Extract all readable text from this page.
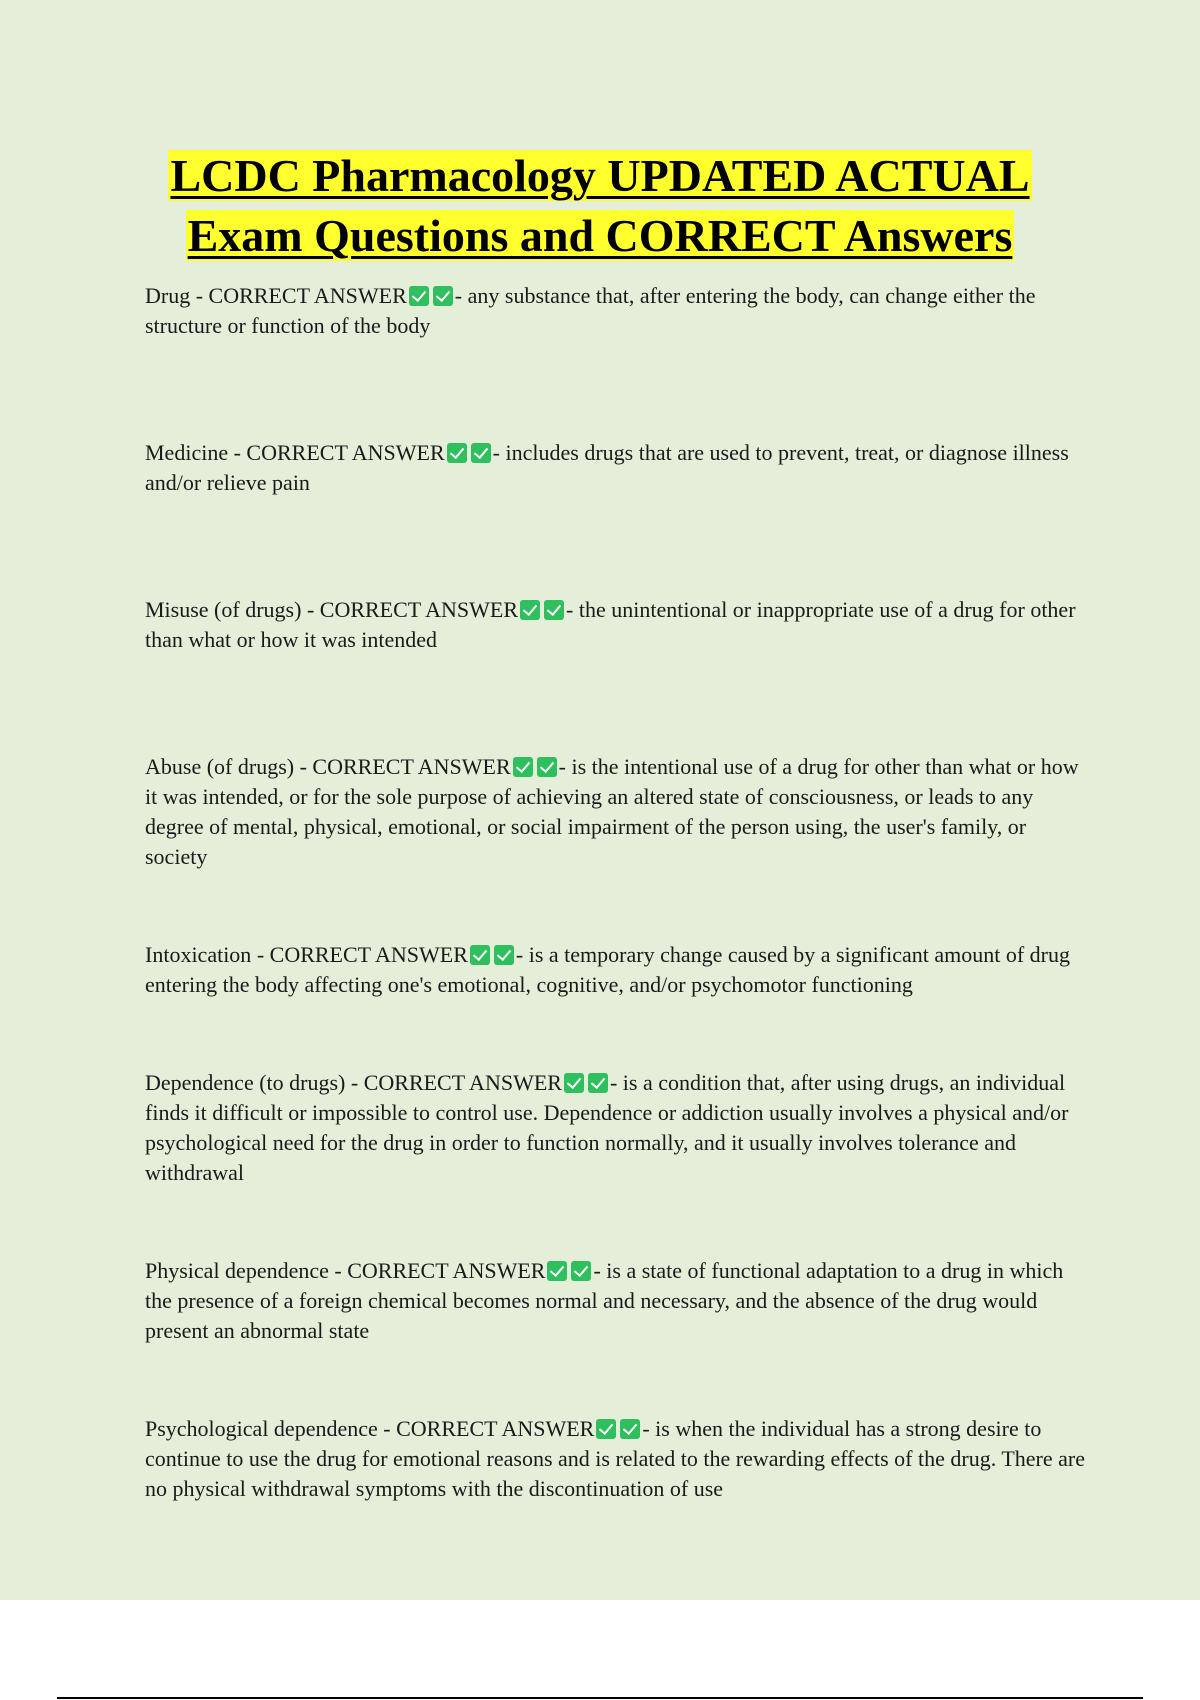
LCDC Pharmacology UPDATED ACTUAL
Exam Questions and CORRECT Answers

Drug - CORRECT ANSWER - any substance that, after entering the body, can change either the structure or function of the body

Medicine - CORRECT ANSWER - includes drugs that are used to prevent, treat, or diagnose illness and/or relieve pain

Misuse (of drugs) - CORRECT ANSWER - the unintentional or inappropriate use of a drug for other than what or how it was intended

Abuse (of drugs) - CORRECT ANSWER - is the intentional use of a drug for other than what or how it was intended, or for the sole purpose of achieving an altered state of consciousness, or leads to any degree of mental, physical, emotional, or social impairment of the person using, the user's family, or society

Intoxication - CORRECT ANSWER - is a temporary change caused by a significant amount of drug entering the body affecting one's emotional, cognitive, and/or psychomotor functioning

Dependence (to drugs) - CORRECT ANSWER - is a condition that, after using drugs, an individual finds it difficult or impossible to control use. Dependence or addiction usually involves a physical and/or psychological need for the drug in order to function normally, and it usually involves tolerance and withdrawal

Physical dependence - CORRECT ANSWER - is a state of functional adaptation to a drug in which the presence of a foreign chemical becomes normal and necessary, and the absence of the drug would present an abnormal state

Psychological dependence - CORRECT ANSWER - is when the individual has a strong desire to continue to use the drug for emotional reasons and is related to the rewarding effects of the drug. There are no physical withdrawal symptoms with the discontinuation of use
